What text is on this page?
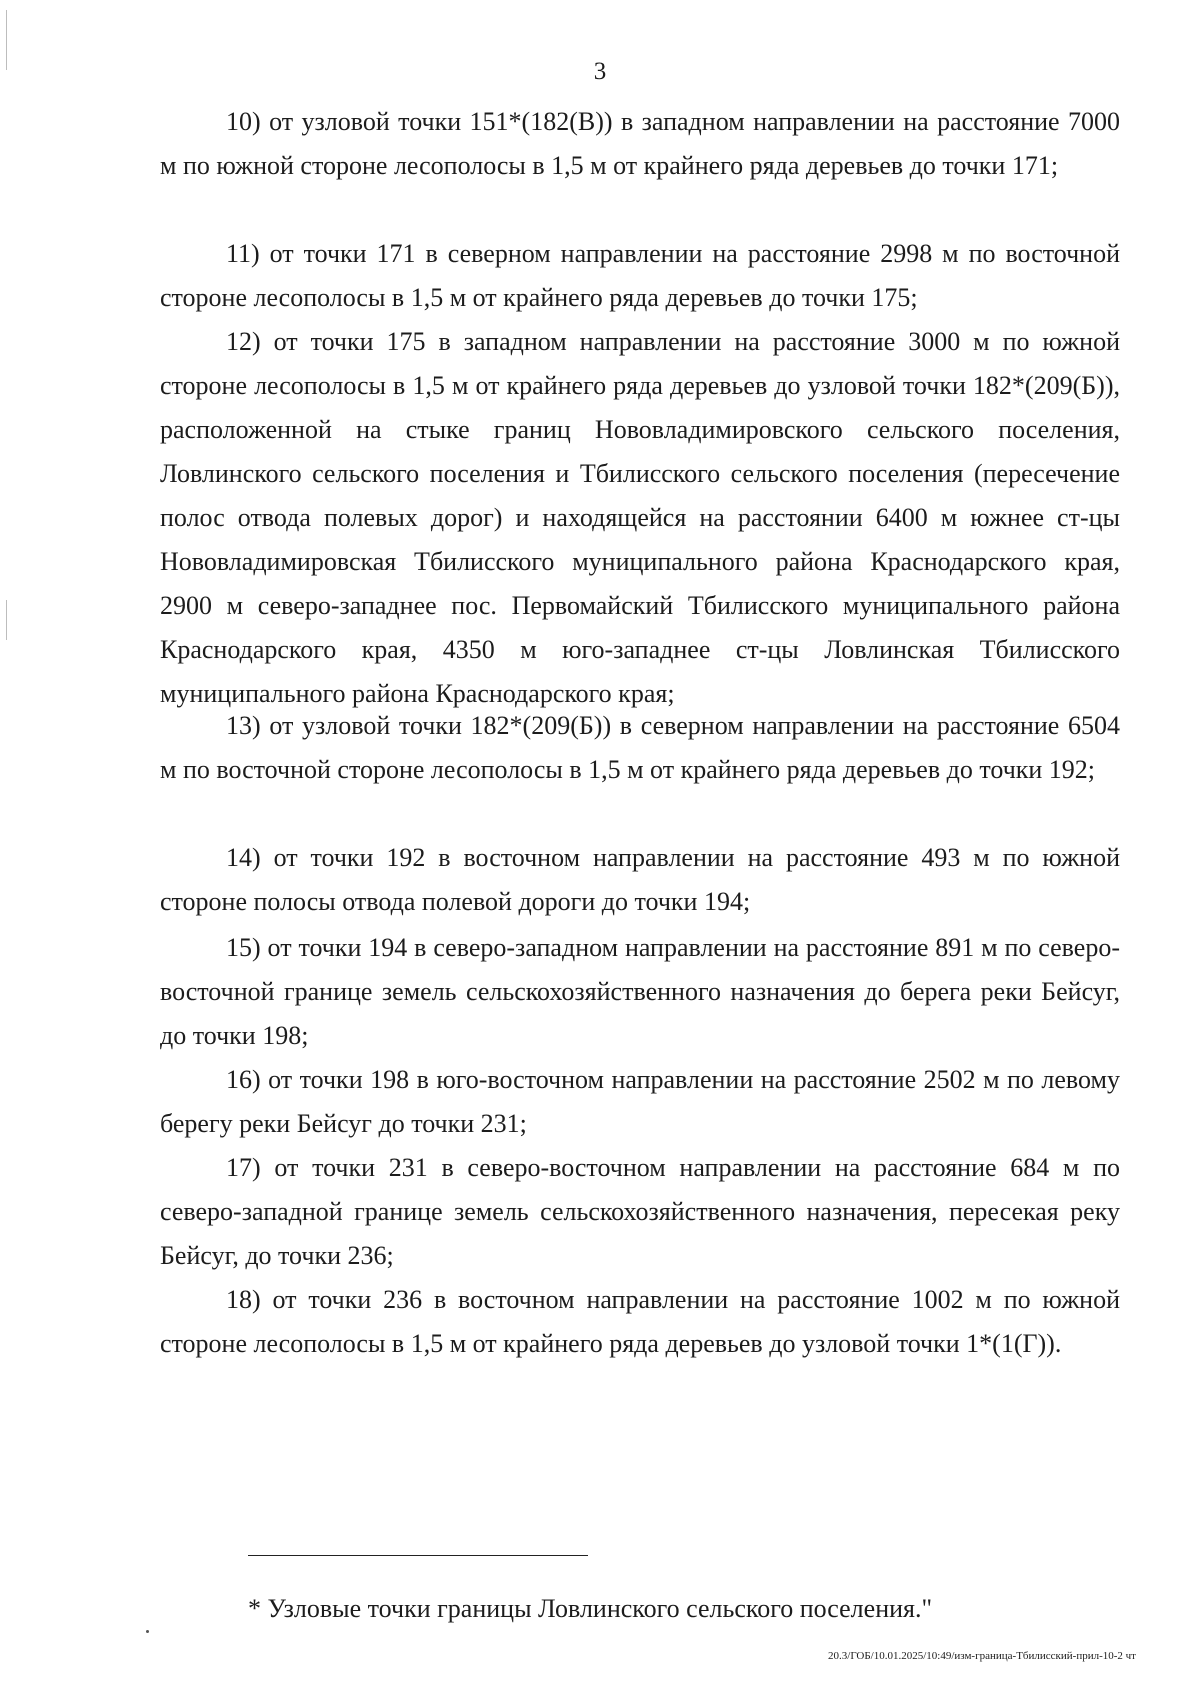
3

10) от узловой точки 151*(182(В)) в западном направлении на расстояние 7000 м по южной стороне лесополосы в 1,5 м от крайнего ряда деревьев до точки 171;

11) от точки 171 в северном направлении на расстояние 2998 м по восточной стороне лесополосы в 1,5 м от крайнего ряда деревьев до точки 175;

12) от точки 175 в западном направлении на расстояние 3000 м по южной стороне лесополосы в 1,5 м от крайнего ряда деревьев до узловой точки 182*(209(Б)), расположенной на стыке границ Нововладимировского сельского поселения, Ловлинского сельского поселения и Тбилисского сельского поселения (пересечение полос отвода полевых дорог) и находящейся на расстоянии 6400 м южнее ст-цы Нововладимировская Тбилисского муниципального района Краснодарского края, 2900 м северо-западнее пос. Первомайский Тбилисского муниципального района Краснодарского края, 4350 м юго-западнее ст-цы Ловлинская Тбилисского муниципального района Краснодарского края;

13) от узловой точки 182*(209(Б)) в северном направлении на расстояние 6504 м по восточной стороне лесополосы в 1,5 м от крайнего ряда деревьев до точки 192;

14) от точки 192 в восточном направлении на расстояние 493 м по южной стороне полосы отвода полевой дороги до точки 194;

15) от точки 194 в северо-западном направлении на расстояние 891 м по северо-восточной границе земель сельскохозяйственного назначения до берега реки Бейсуг, до точки 198;

16) от точки 198 в юго-восточном направлении на расстояние 2502 м по левому берегу реки Бейсуг до точки 231;

17) от точки 231 в северо-восточном направлении на расстояние 684 м по северо-западной границе земель сельскохозяйственного назначения, пересекая реку Бейсуг, до точки 236;

18) от точки 236 в восточном направлении на расстояние 1002 м по южной стороне лесополосы в 1,5 м от крайнего ряда деревьев до узловой точки 1*(1(Г)).

* Узловые точки границы Ловлинского сельского поселения."
20.3/ГОБ/10.01.2025/10:49/изм-граница-Тбилисский-прил-10-2 чт
